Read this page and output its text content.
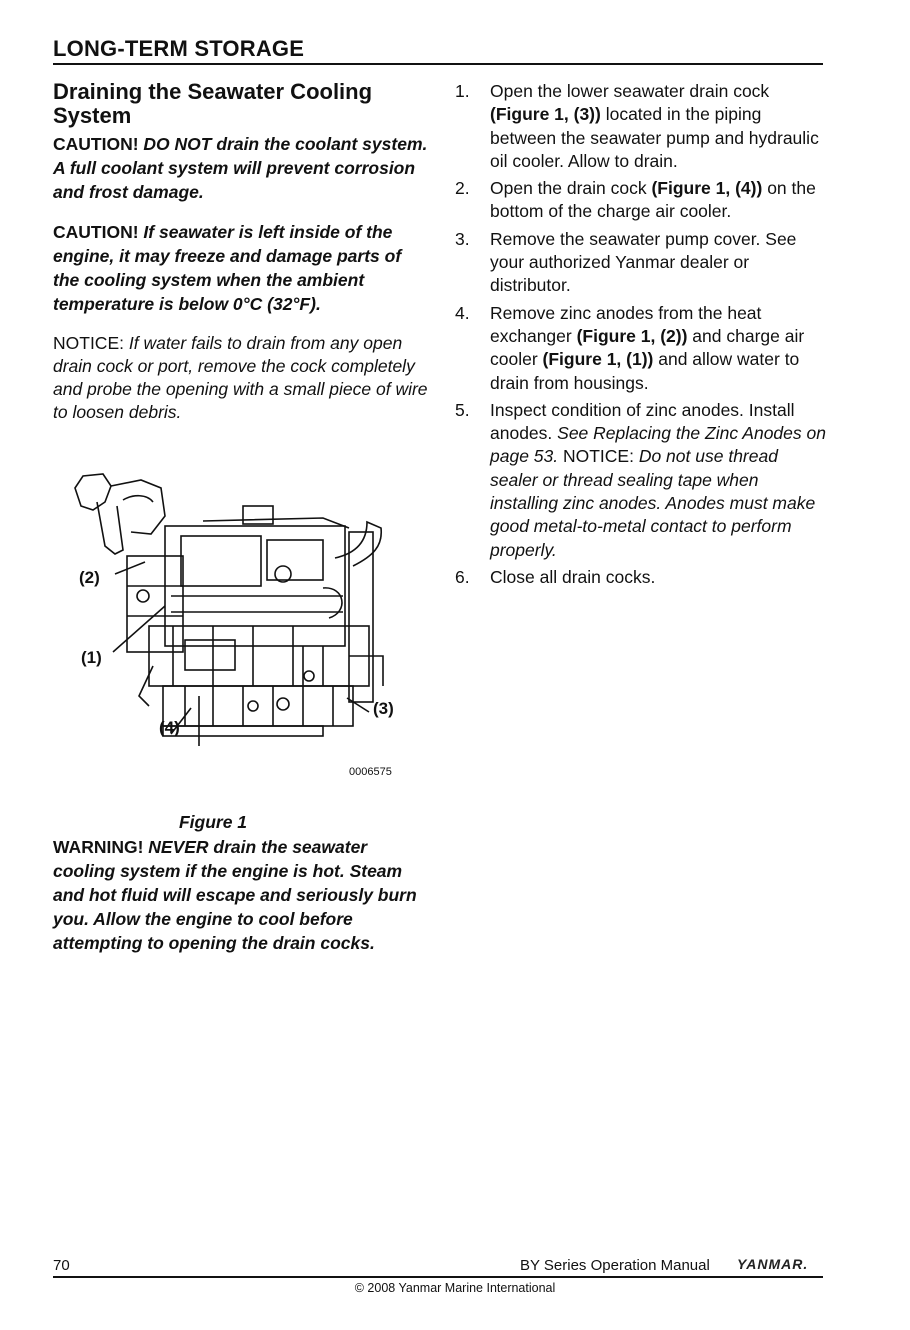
LONG-TERM STORAGE
Draining the Seawater Cooling System

CAUTION! DO NOT drain the coolant system. A full coolant system will prevent corrosion and frost damage.

CAUTION! If seawater is left inside of the engine, it may freeze and damage parts of the cooling system when the ambient temperature is below 0°C (32°F).

NOTICE: If water fails to drain from any open drain cock or port, remove the cock completely and probe the opening with a small piece of wire to loosen debris.

(2)
(1)
(4)
(3)
0006575
Figure 1

WARNING! NEVER drain the seawater cooling system if the engine is hot. Steam and hot fluid will escape and seriously burn you. Allow the engine to cool before attempting to opening the drain cocks.

1. Open the lower seawater drain cock (Figure 1, (3)) located in the piping between the seawater pump and hydraulic oil cooler. Allow to drain.
2. Open the drain cock (Figure 1, (4)) on the bottom of the charge air cooler.
3. Remove the seawater pump cover. See your authorized Yanmar dealer or distributor.
4. Remove zinc anodes from the heat exchanger (Figure 1, (2)) and charge air cooler (Figure 1, (1)) and allow water to drain from housings.
5. Inspect condition of zinc anodes. Install anodes. See Replacing the Zinc Anodes on page 53. NOTICE: Do not use thread sealer or thread sealing tape when installing zinc anodes. Anodes must make good metal-to-metal contact to perform properly.
6. Close all drain cocks.
70	BY Series Operation Manual YANMAR.
© 2008 Yanmar Marine International
